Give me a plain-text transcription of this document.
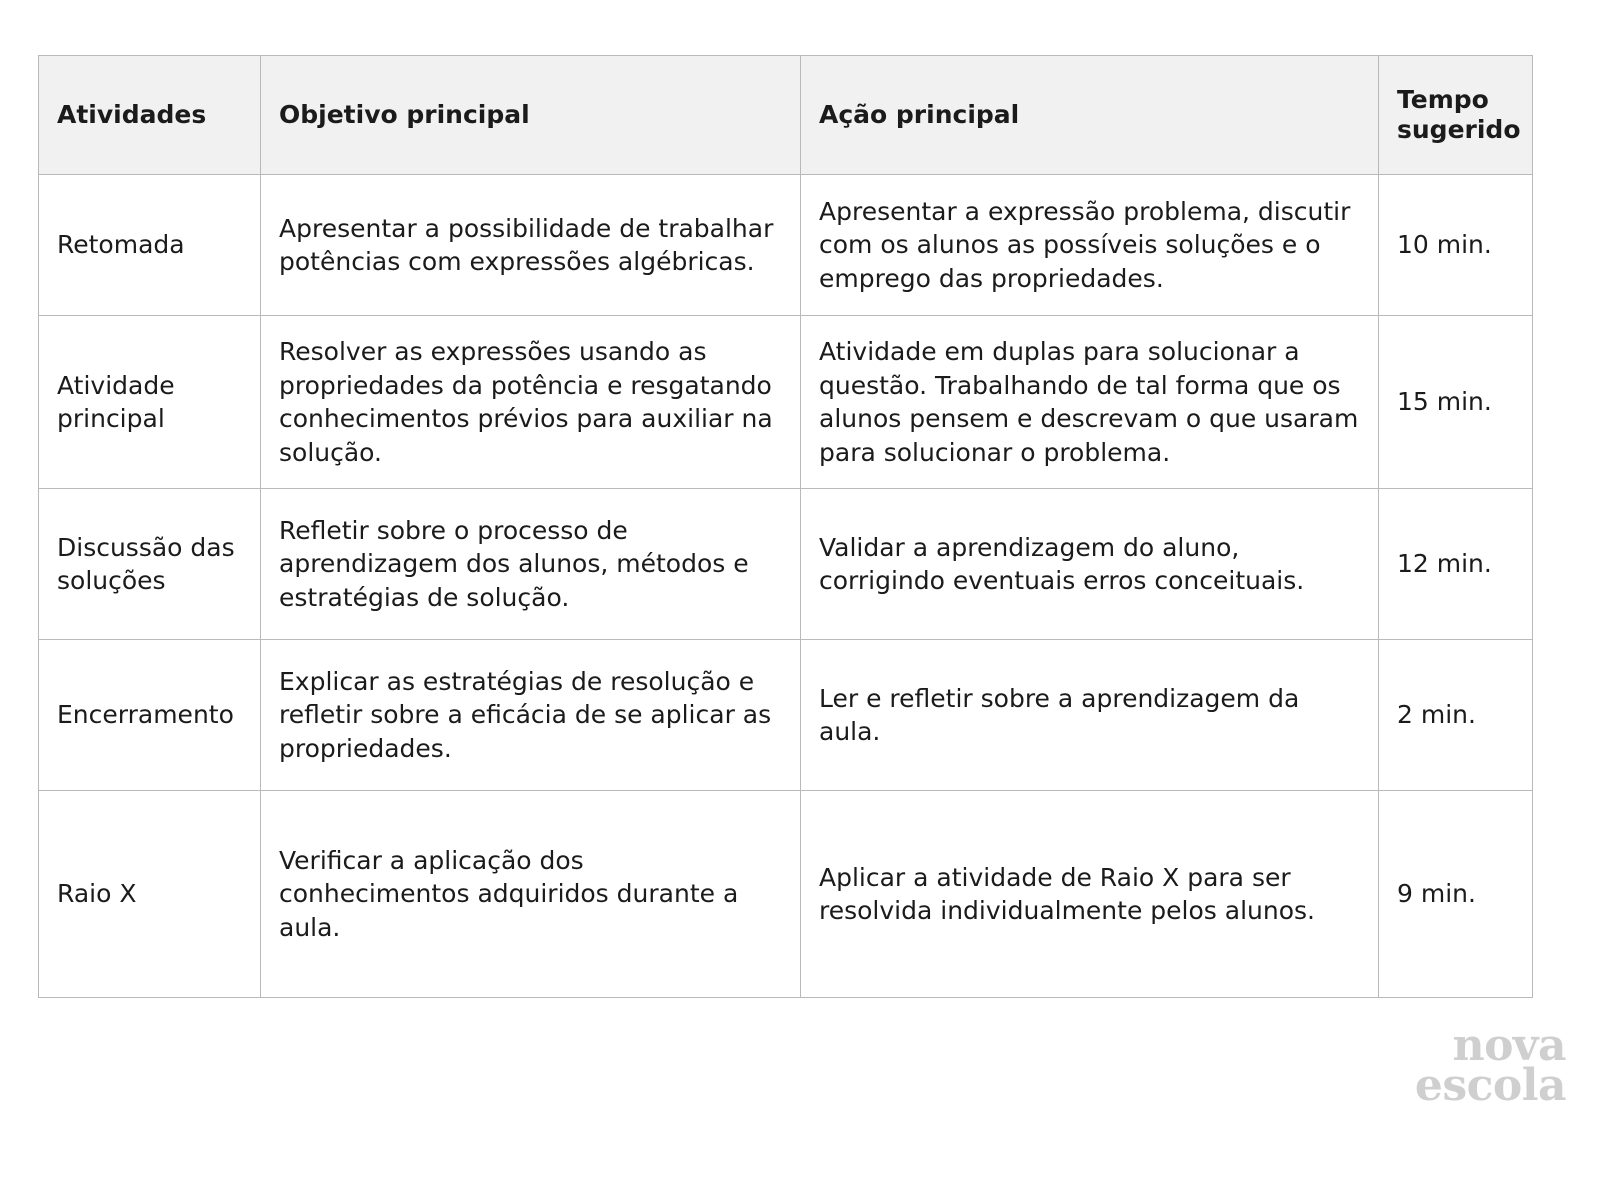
Atividades	Objetivo principal	Ação principal	Tempo
sugerido

Retomada	Apresentar a possibilidade de trabalhar potências com expressões algébricas.	Apresentar a expressão problema, discutir com os alunos as possíveis soluções e o emprego das propriedades.	10 min.
Atividade principal	Resolver as expressões usando as propriedades da potência e resgatando conhecimentos prévios para auxiliar na solução.	Atividade em duplas para solucionar a questão. Trabalhando de tal forma que os alunos pensem e descrevam o que usaram para solucionar o problema.	15 min.
Discussão das soluções	Refletir sobre o processo de aprendizagem dos alunos, métodos e estratégias de solução.	Validar a aprendizagem do aluno, corrigindo eventuais erros conceituais.	12 min.
Encerramento	Explicar as estratégias de resolução e refletir sobre a eficácia de se aplicar as propriedades.	Ler e refletir sobre a aprendizagem da aula.	2 min.
Raio X	Verificar a aplicação dos conhecimentos adquiridos durante a aula.	Aplicar a atividade de Raio X para ser resolvida individualmente pelos alunos.	9 min.
nova
escola
